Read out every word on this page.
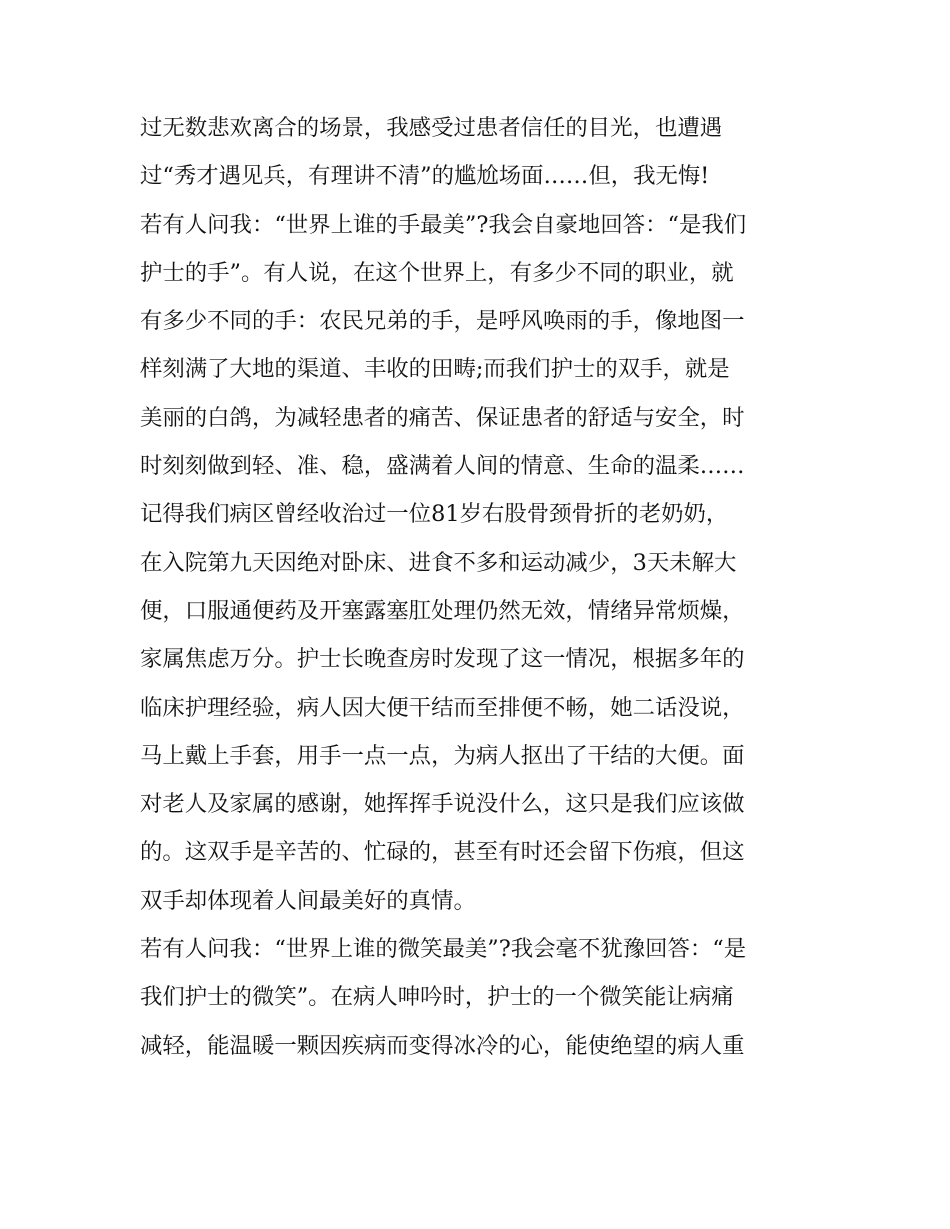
过无数悲欢离合的场景，我感受过患者信任的目光，也遭遇
过“秀才遇见兵，有理讲不清”的尴尬场面……但，我无悔!
若有人问我：“世界上谁的手最美”?我会自豪地回答：“是我们
护士的手”。有人说，在这个世界上，有多少不同的职业，就
有多少不同的手：农民兄弟的手，是呼风唤雨的手，像地图一
样刻满了大地的渠道、丰收的田畴;而我们护士的双手，就是
美丽的白鸽，为减轻患者的痛苦、保证患者的舒适与安全，时
时刻刻做到轻、准、稳，盛满着人间的情意、生命的温柔……
记得我们病区曾经收治过一位81岁右股骨颈骨折的老奶奶，
在入院第九天因绝对卧床、进食不多和运动减少，3天未解大
便，口服通便药及开塞露塞肛处理仍然无效，情绪异常烦燥，
家属焦虑万分。护士长晚查房时发现了这一情况，根据多年的
临床护理经验，病人因大便干结而至排便不畅，她二话没说，
马上戴上手套，用手一点一点，为病人抠出了干结的大便。面
对老人及家属的感谢，她挥挥手说没什么，这只是我们应该做
的。这双手是辛苦的、忙碌的，甚至有时还会留下伤痕，但这
双手却体现着人间最美好的真情。
若有人问我：“世界上谁的微笑最美”?我会毫不犹豫回答：“是
我们护士的微笑”。在病人呻吟时，护士的一个微笑能让病痛
减轻，能温暖一颗因疾病而变得冰冷的心，能使绝望的病人重
